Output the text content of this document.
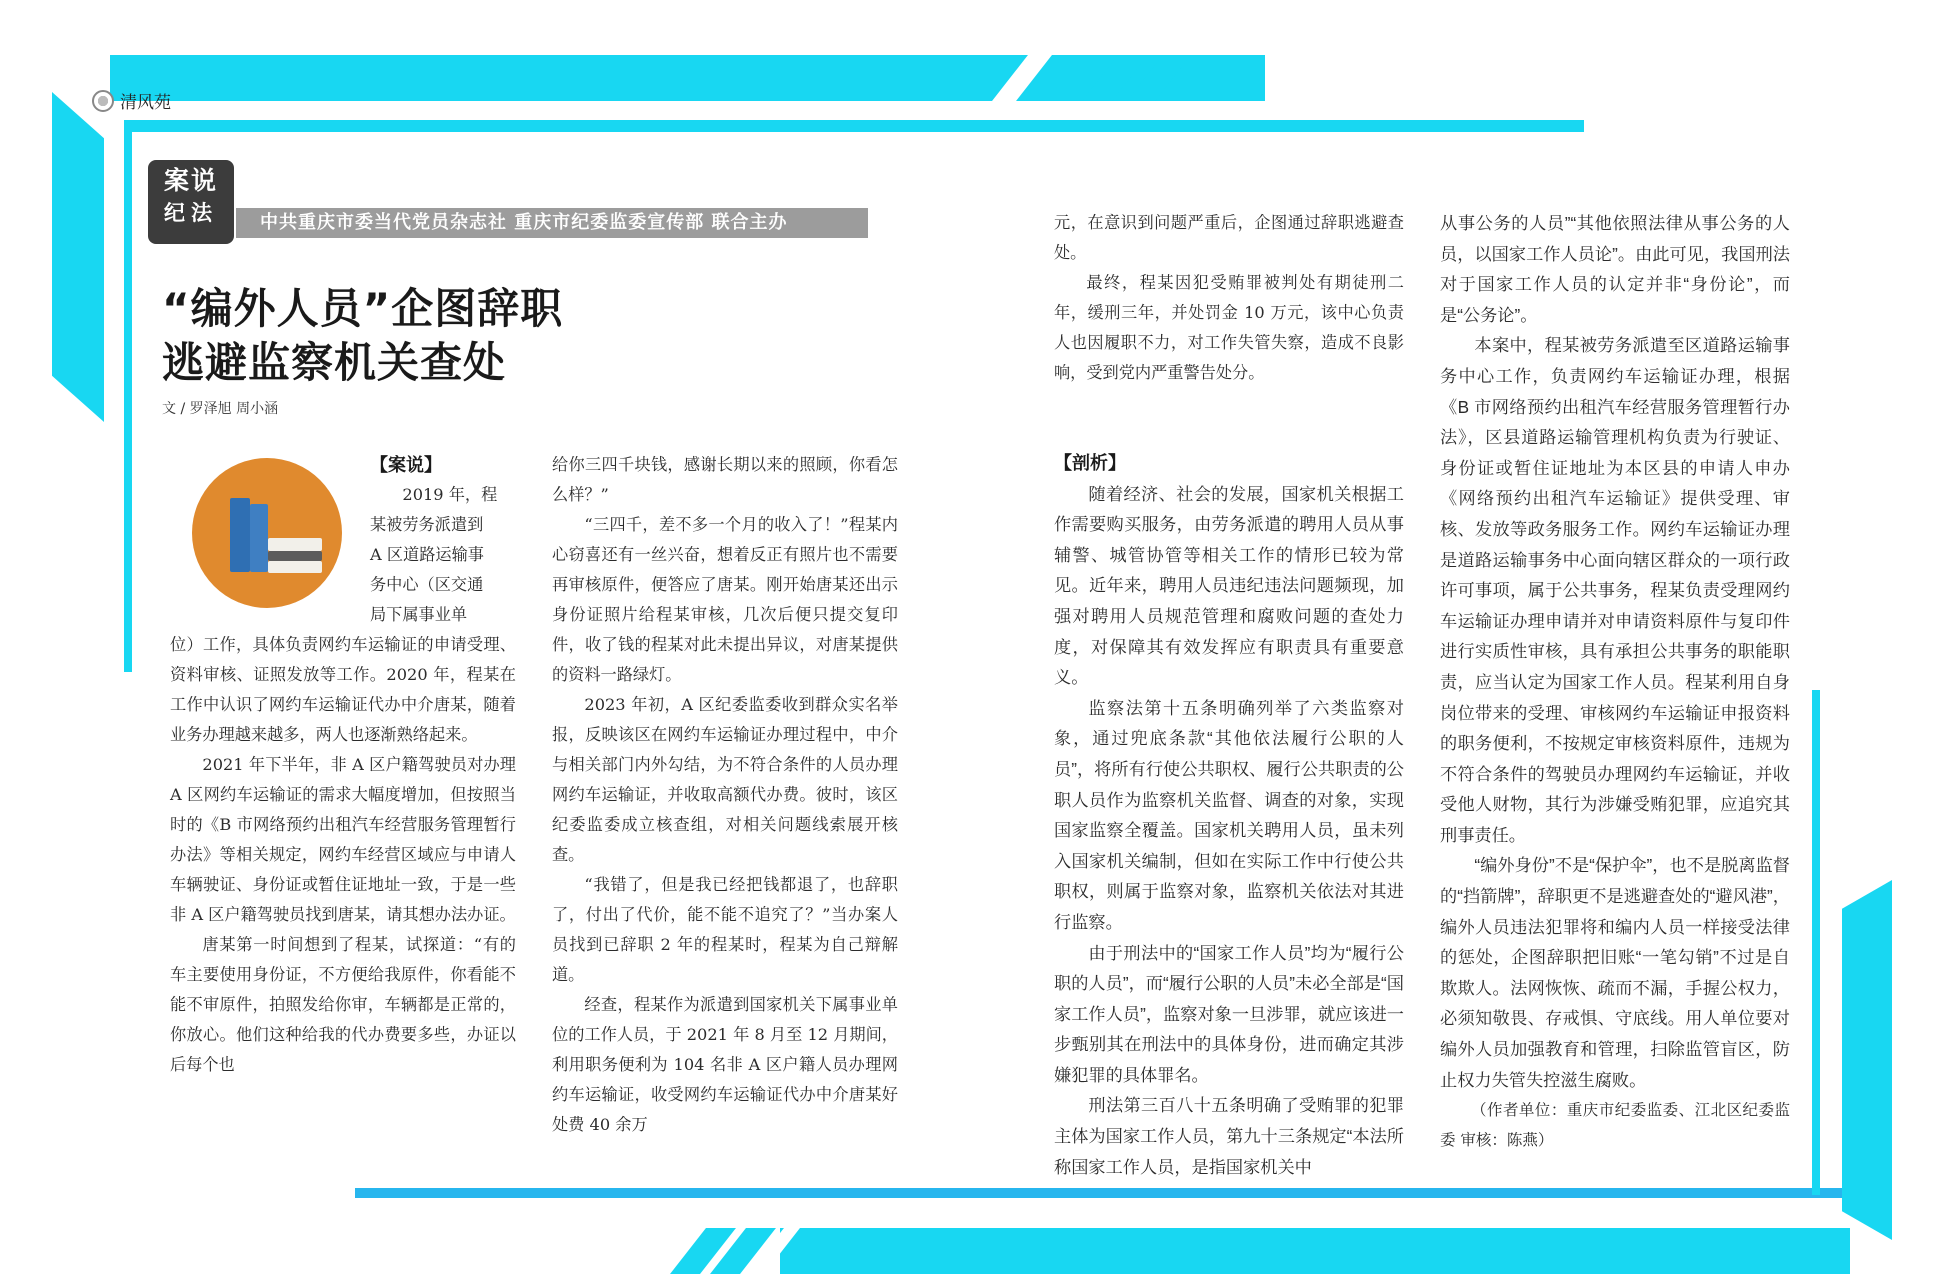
清风苑
案说
纪法	中共重庆市委当代党员杂志社 重庆市纪委监委宣传部 联合主办
“编外人员”企图辞职
逃避监察机关查处
文 / 罗泽旭 周小涵

【案说】

2019 年，程

某被劳务派遣到

A 区道路运输事

务中心（区交通

局下属事业单

位）工作，具体负责网约车运输证的申请受理、资料审核、证照发放等工作。2020 年，程某在工作中认识了网约车运输证代办中介唐某，随着业务办理越来越多，两人也逐渐熟络起来。

2021 年下半年，非 A 区户籍驾驶员对办理 A 区网约车运输证的需求大幅度增加，但按照当时的《B 市网络预约出租汽车经营服务管理暂行办法》等相关规定，网约车经营区域应与申请人车辆驶证、身份证或暂住证地址一致，于是一些非 A 区户籍驾驶员找到唐某，请其想办法办证。

唐某第一时间想到了程某，试探道：“有的车主要使用身份证，不方便给我原件，你看能不能不审原件，拍照发给你审，车辆都是正常的，你放心。他们这种给我的代办费要多些，办证以后每个也

给你三四千块钱，感谢长期以来的照顾，你看怎么样？”

“三四千，差不多一个月的收入了！”程某内心窃喜还有一丝兴奋，想着反正有照片也不需要再审核原件，便答应了唐某。刚开始唐某还出示身份证照片给程某审核，几次后便只提交复印件，收了钱的程某对此未提出异议，对唐某提供的资料一路绿灯。

2023 年初，A 区纪委监委收到群众实名举报，反映该区在网约车运输证办理过程中，中介与相关部门内外勾结，为不符合条件的人员办理网约车运输证，并收取高额代办费。彼时，该区纪委监委成立核查组，对相关问题线索展开核查。

“我错了，但是我已经把钱都退了，也辞职了，付出了代价，能不能不追究了？”当办案人员找到已辞职 2 年的程某时，程某为自己辩解道。

经查，程某作为派遣到国家机关下属事业单位的工作人员，于 2021 年 8 月至 12 月期间，利用职务便利为 104 名非 A 区户籍人员办理网约车运输证，收受网约车运输证代办中介唐某好处费 40 余万

元，在意识到问题严重后，企图通过辞职逃避查处。

最终，程某因犯受贿罪被判处有期徒刑二年，缓刑三年，并处罚金 10 万元，该中心负责人也因履职不力，对工作失管失察，造成不良影响，受到党内严重警告处分。

【剖析】

随着经济、社会的发展，国家机关根据工作需要购买服务，由劳务派遣的聘用人员从事辅警、城管协管等相关工作的情形已较为常见。近年来，聘用人员违纪违法问题频现，加强对聘用人员规范管理和腐败问题的查处力度，对保障其有效发挥应有职责具有重要意义。

监察法第十五条明确列举了六类监察对象，通过兜底条款“其他依法履行公职的人员”，将所有行使公共职权、履行公共职责的公职人员作为监察机关监督、调查的对象，实现国家监察全覆盖。国家机关聘用人员，虽未列入国家机关编制，但如在实际工作中行使公共职权，则属于监察对象，监察机关依法对其进行监察。

由于刑法中的“国家工作人员”均为“履行公职的人员”，而“履行公职的人员”未必全部是“国家工作人员”，监察对象一旦涉罪，就应该进一步甄别其在刑法中的具体身份，进而确定其涉嫌犯罪的具体罪名。

刑法第三百八十五条明确了受贿罪的犯罪主体为国家工作人员，第九十三条规定“本法所称国家工作人员，是指国家机关中

从事公务的人员”“其他依照法律从事公务的人员，以国家工作人员论”。由此可见，我国刑法对于国家工作人员的认定并非“身份论”，而是“公务论”。

本案中，程某被劳务派遣至区道路运输事务中心工作，负责网约车运输证办理，根据《B 市网络预约出租汽车经营服务管理暂行办法》，区县道路运输管理机构负责为行驶证、身份证或暂住证地址为本区县的申请人申办《网络预约出租汽车运输证》提供受理、审核、发放等政务服务工作。网约车运输证办理是道路运输事务中心面向辖区群众的一项行政许可事项，属于公共事务，程某负责受理网约车运输证办理申请并对申请资料原件与复印件进行实质性审核，具有承担公共事务的职能职责，应当认定为国家工作人员。程某利用自身岗位带来的受理、审核网约车运输证申报资料的职务便利，不按规定审核资料原件，违规为不符合条件的驾驶员办理网约车运输证，并收受他人财物，其行为涉嫌受贿犯罪，应追究其刑事责任。

“编外身份”不是“保护伞”，也不是脱离监督的“挡箭牌”，辞职更不是逃避查处的“避风港”，编外人员违法犯罪将和编内人员一样接受法律的惩处，企图辞职把旧账“一笔勾销”不过是自欺欺人。法网恢恢、疏而不漏，手握公权力，必须知敬畏、存戒惧、守底线。用人单位要对编外人员加强教育和管理，扫除监管盲区，防止权力失管失控滋生腐败。

（作者单位：重庆市纪委监委、江北区纪委监委 审核：陈燕）
